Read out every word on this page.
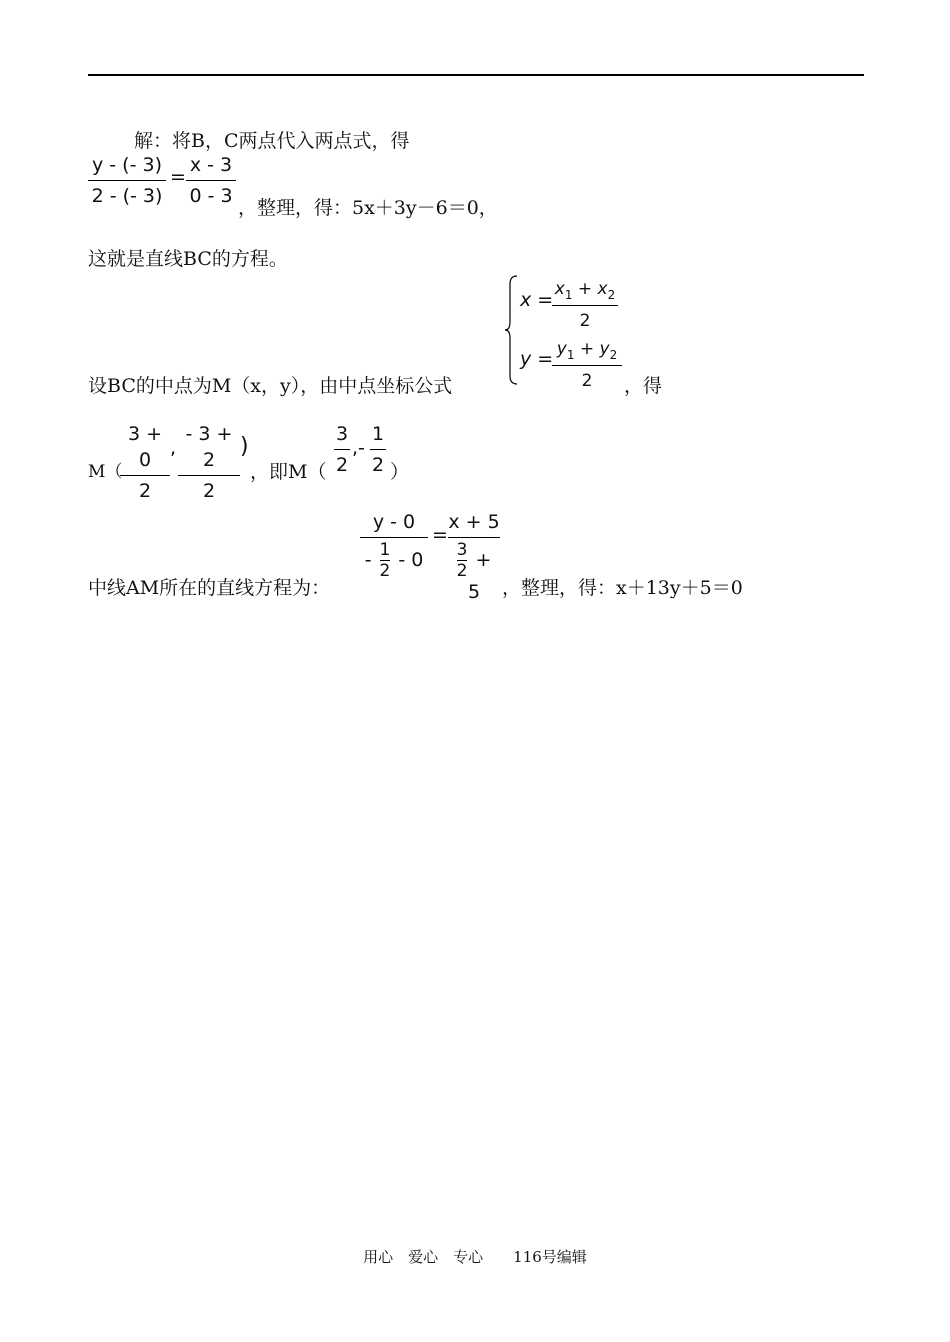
解：将B，C两点代入两点式，得
y - (- 3)
2 - (- 3)
=
x - 3
0 - 3
，整理，得：5x＋3y－6＝0，
这就是直线BC的方程。
设BC的中点为M（x，y），由中点坐标公式
$x = x_1 + x_2$
2
$y = y_1 + y_2$
2	，得
M（
3 + 0
2
,
- 3 + 2
2
)
，即M（
3
2
,-
1
2 ）
中线AM所在的直线方程为：
y - 0
- $\frac{1}{2} - 0$
=
x + 5
$\frac{3}{2} + 5$	，整理，得：x＋13y＋5＝0
用心　爱心　专心　　116号编辑
